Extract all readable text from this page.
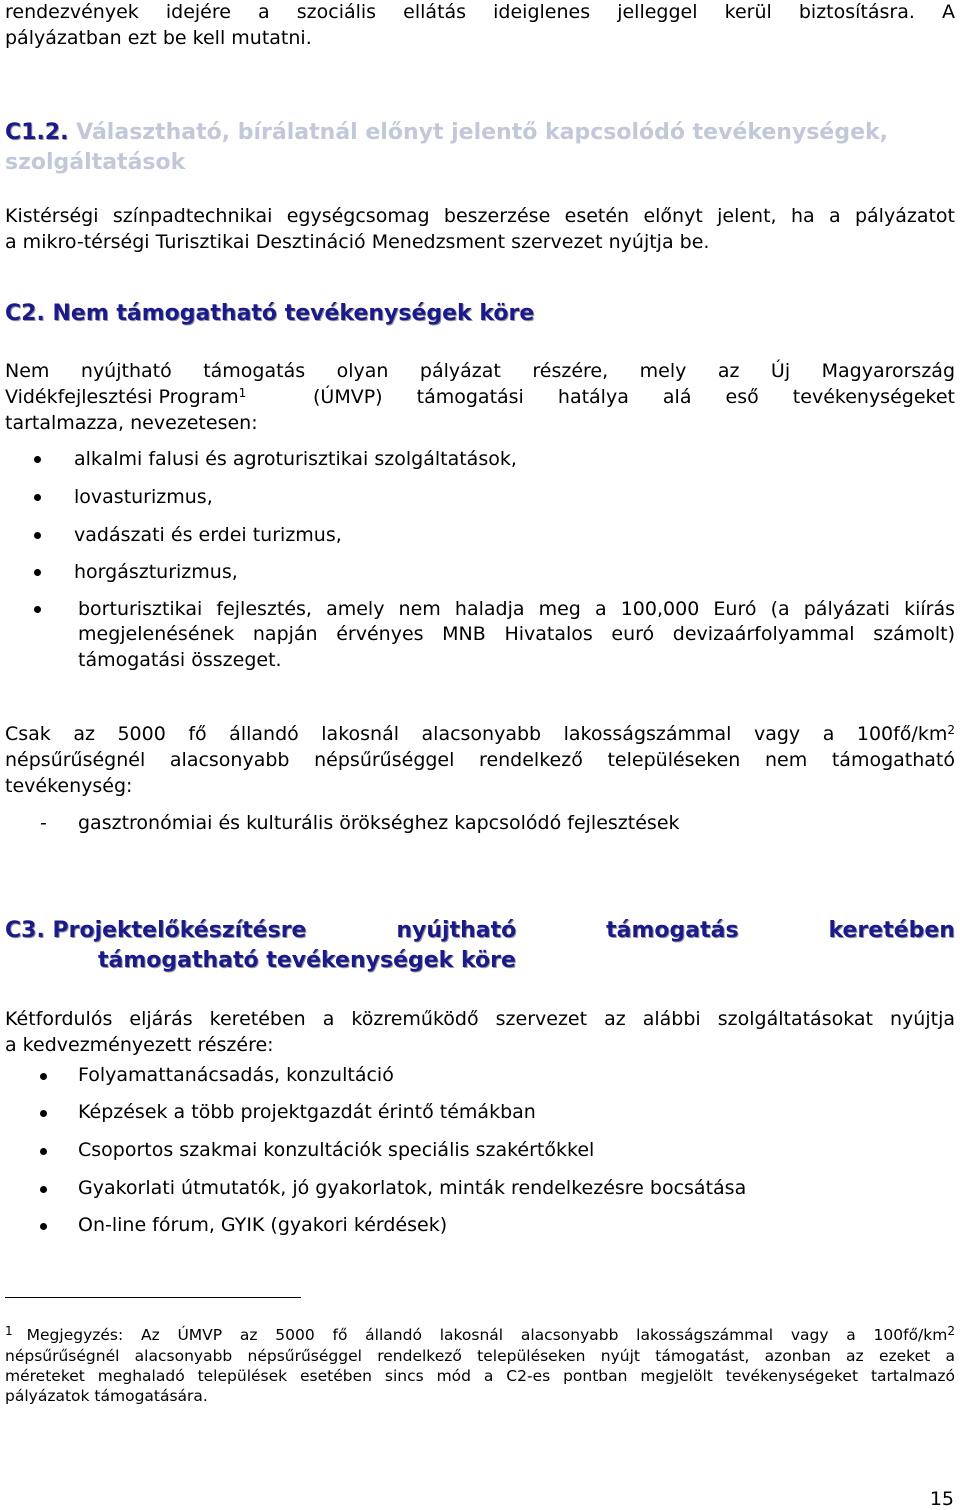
rendezvények idejére a szociális ellátás ideiglenes jelleggel kerül biztosításra. A
pályázatban ezt be kell mutatni.
C1.2. Választható, bírálatnál előnyt jelentő kapcsolódó tevékenységek,
szolgáltatások
Kistérségi színpadtechnikai egységcsomag beszerzése esetén előnyt jelent, ha a pályázatot
a mikro-térségi Turisztikai Desztináció Menedzsment szervezet nyújtja be.
C2. Nem támogatható tevékenységek köre
Nem nyújtható támogatás olyan pályázat részére, mely az Új Magyarország
Vidékfejlesztési Program$^1$	(ÚMVP) támogatási hatálya alá eső tevékenységeket
tartalmazza, nevezetesen:
alkalmi falusi és agroturisztikai szolgáltatások,
lovasturizmus,
vadászati és erdei turizmus,
horgászturizmus,
borturisztikai fejlesztés, amely nem haladja meg a 100,000 Euró (a pályázati kiírás
megjelenésének napján érvényes MNB Hivatalos euró devizaárfolyammal számolt)
támogatási összeget.
Csak az 5000 fő állandó lakosnál alacsonyabb lakosságszámmal vagy a 100fő/km 2
népsűrűségnél alacsonyabb népsűrűséggel rendelkező településeken nem támogatható
tevékenység:
- gasztronómiai és kulturális örökséghez kapcsolódó fejlesztések
C3. Projektelőkészítésre	nyújtható	támogatás	keretében
támogatható tevékenységek köre
Kétfordulós eljárás keretében a közreműködő szervezet az alábbi szolgáltatásokat nyújtja
a kedvezményezett részére:
Folyamattanácsadás, konzultáció
Képzések a több projektgazdát érintő témákban
Csoportos szakmai konzultációk speciális szakértőkkel
Gyakorlati útmutatók, jó gyakorlatok, minták rendelkezésre bocsátása
On-line fórum, GYIK (gyakori kérdések)
1 Megjegyzés: Az ÚMVP az 5000 fő állandó lakosnál alacsonyabb lakosságszámmal vagy a 100fő/km 2
népsűrűségnél alacsonyabb népsűrűséggel rendelkező településeken nyújt támogatást, azonban az ezeket a
méreteket meghaladó települések esetében sincs mód a C2-es pontban megjelölt tevékenységeket tartalmazó
pályázatok támogatására.
15
